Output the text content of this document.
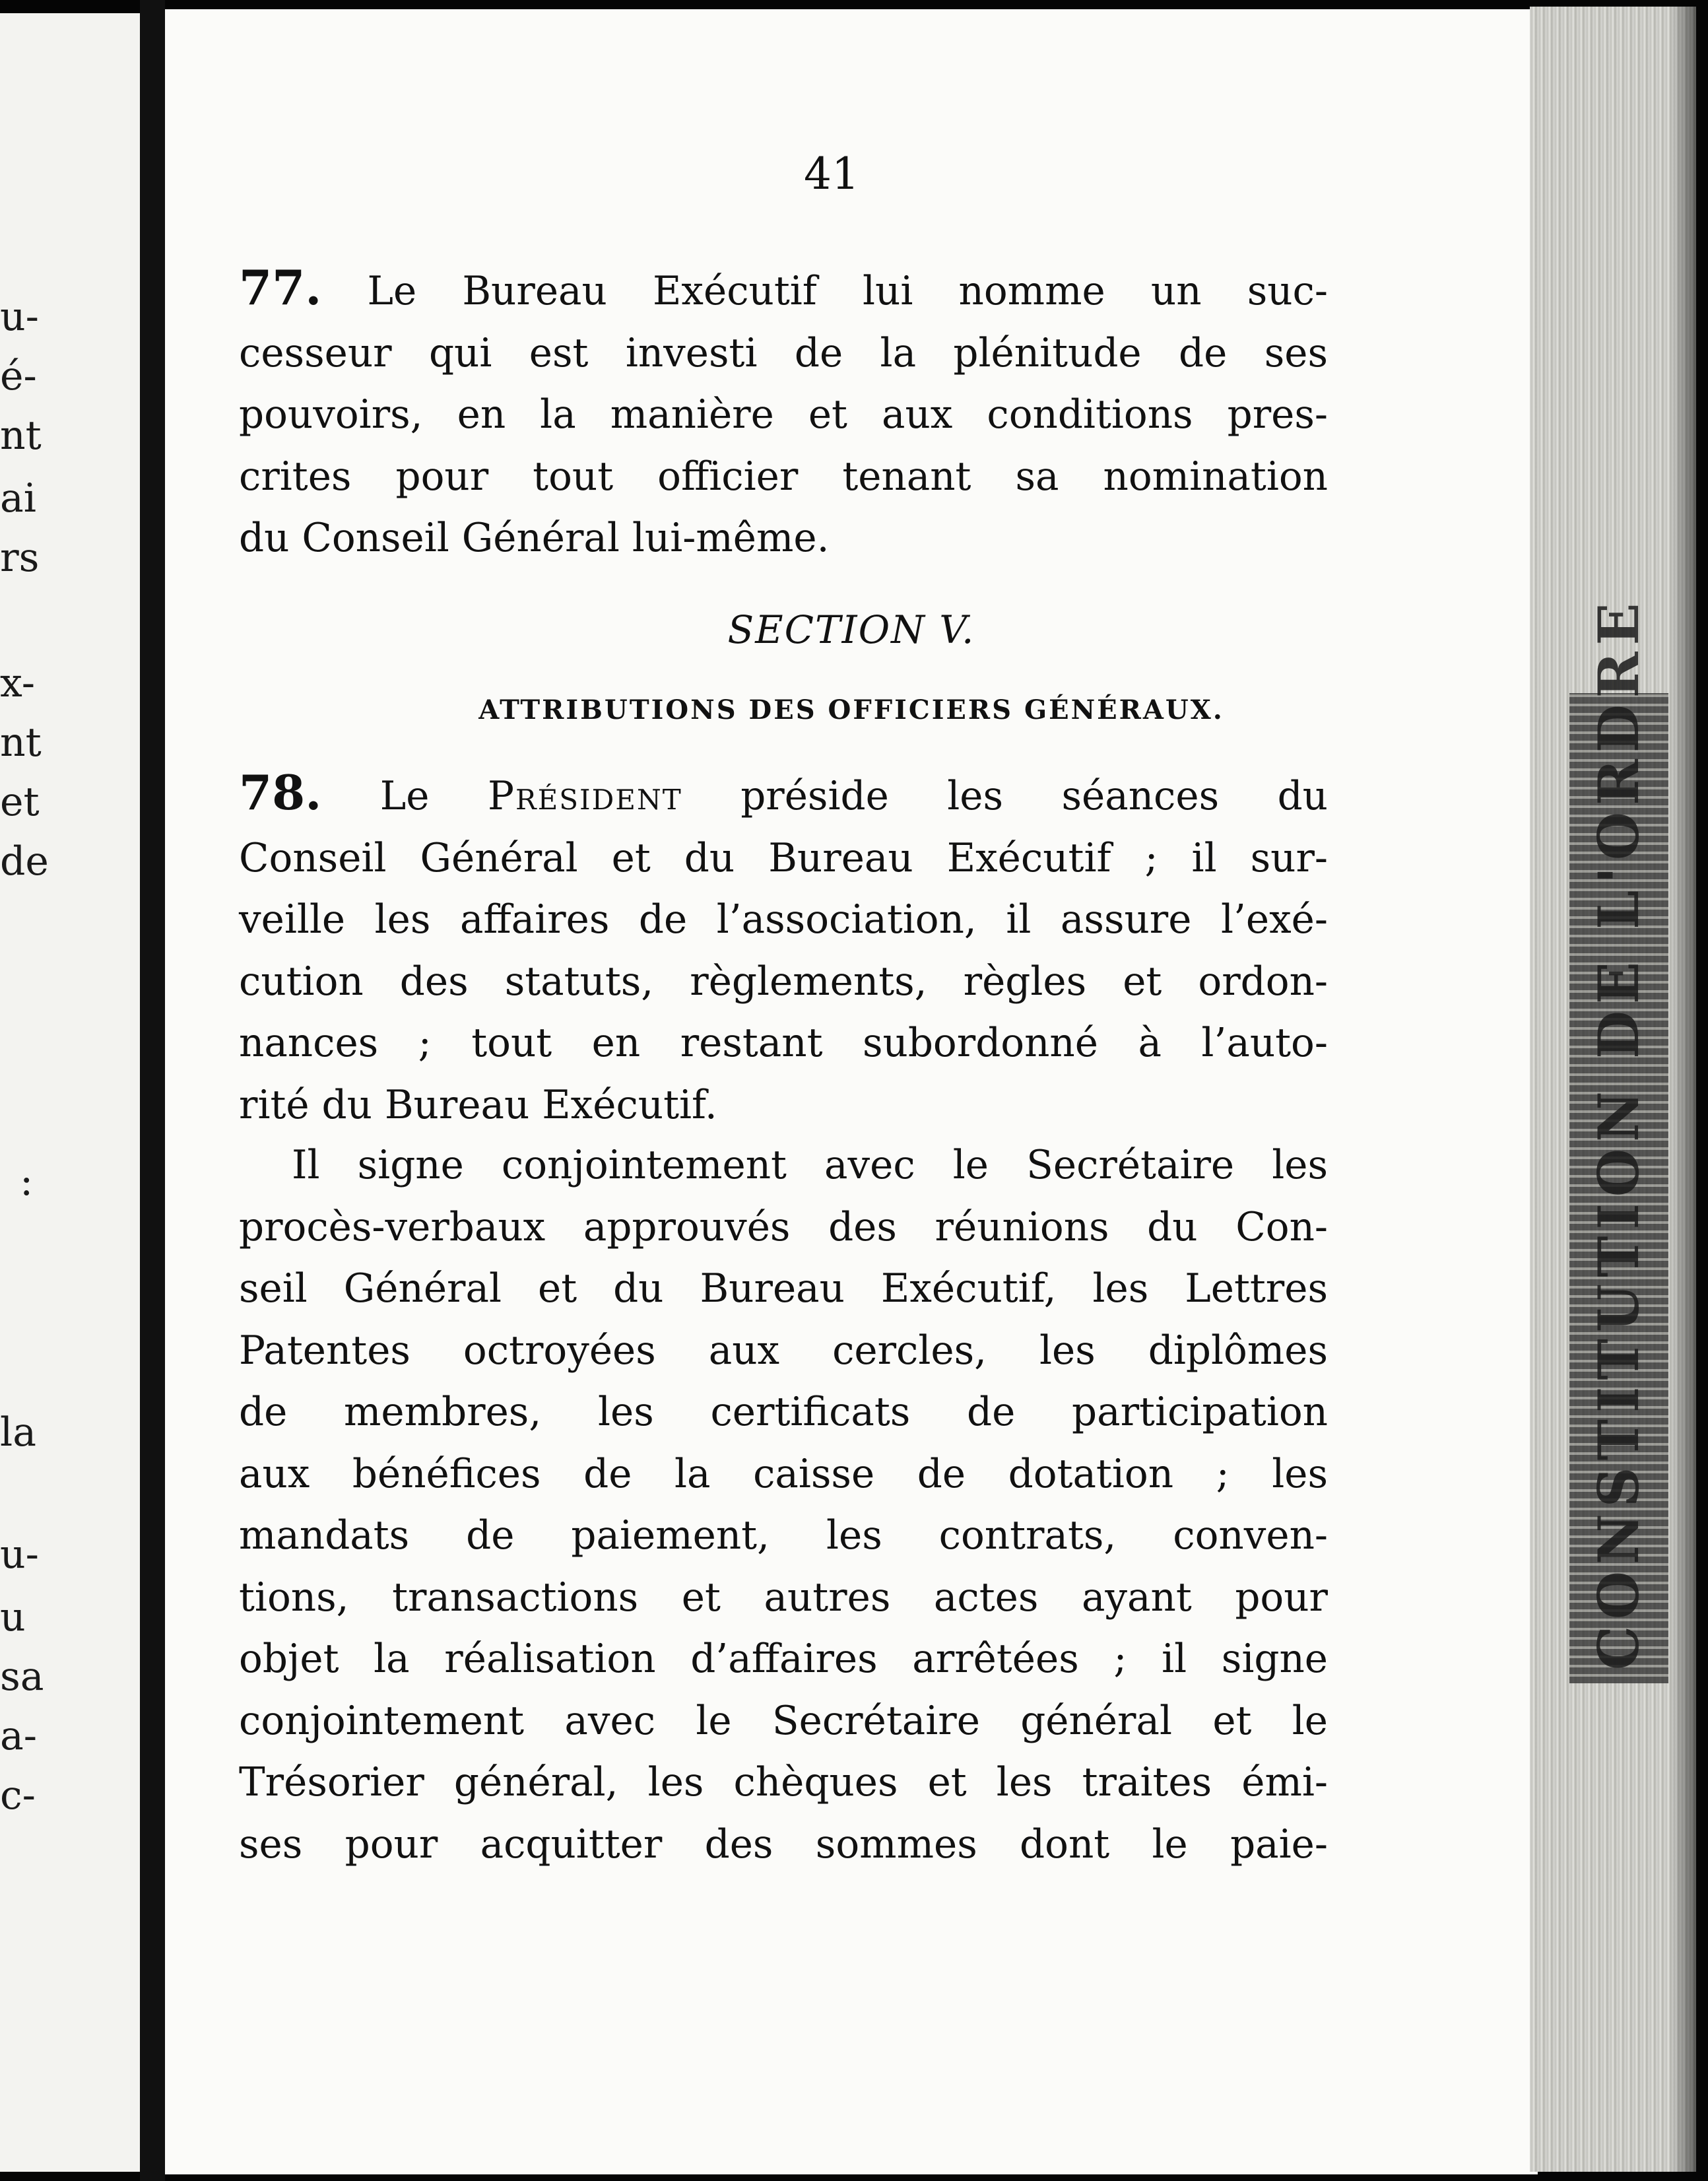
u-
é-
nt
ai
rs
x-
nt
et
de
:
la
u-
u
sa
a-
c-
41
77. Le Bureau Exécutif lui nomme un suc-
cesseur qui est investi de la plénitude de ses
pouvoirs, en la manière et aux conditions pres-
crites pour tout officier tenant sa nomination
du Conseil Général lui-même.
SECTION V.
ATTRIBUTIONS DES OFFICIERS GÉNÉRAUX.
78. Le Président préside les séances du
Conseil Général et du Bureau Exécutif ; il sur-
veille les affaires de l’association, il assure l’exé-
cution des statuts, règlements, règles et ordon-
nances ; tout en restant subordonné à l’auto-
rité du Bureau Exécutif.
Il signe conjointement avec le Secrétaire les
procès-verbaux approuvés des réunions du Con-
seil Général et du Bureau Exécutif, les Lettres
Patentes octroyées aux cercles, les diplômes
de membres, les certificats de participation
aux bénéfices de la caisse de dotation ; les
mandats de paiement, les contrats, conven-
tions, transactions et autres actes ayant pour
objet la réalisation d’affaires arrêtées ; il signe
conjointement avec le Secrétaire général et le
Trésorier général, les chèques et les traites émi-
ses pour acquitter des sommes dont le paie-
CONSTITUTION DE L'ORDRE
